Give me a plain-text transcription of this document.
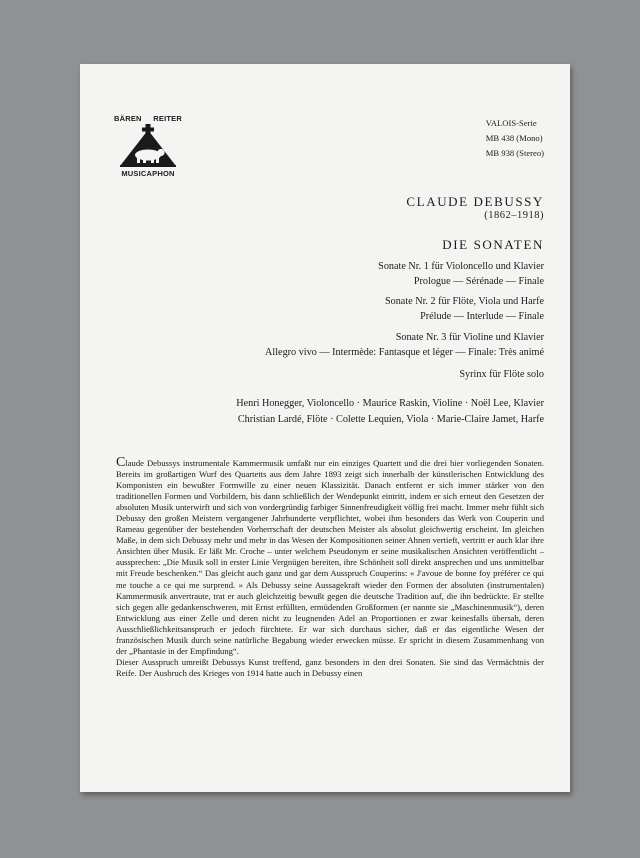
BÄREN REITER
MUSICAPHON
VALOIS-Serie
MB 438 (Mono)
MB 938 (Stereo)
CLAUDE DEBUSSY
(1862–1918)
DIE SONATEN
Sonate Nr. 1 für Violoncello und Klavier
Prologue — Sérénade — Finale
Sonate Nr. 2 für Flöte, Viola und Harfe
Prélude — Interlude — Finale
Sonate Nr. 3 für Violine und Klavier
Allegro vivo — Intermède: Fantasque et léger — Finale: Très animé
Syrinx für Flöte solo
Henri Honegger, Violoncello · Maurice Raskin, Violine · Noël Lee, Klavier
Christian Lardé, Flöte · Colette Lequien, Viola · Marie-Claire Jamet, Harfe

Claude Debussys instrumentale Kammermusik umfaßt nur ein einziges Quartett und die drei hier vorliegenden Sonaten. Bereits im großartigen Wurf des Quartetts aus dem Jahre 1893 zeigt sich innerhalb der künstlerischen Entwicklung des Komponisten ein bewußter Formwille zu einer neuen Klassizität. Danach entfernt er sich immer stärker von den traditionellen Formen und Vorbildern, bis dann schließlich der Wendepunkt eintritt, indem er sich erneut den Gesetzen der absoluten Musik unterwirft und sich von vordergründig farbiger Sinnenfreudigkeit völlig frei macht. Immer mehr fühlt sich Debussy den großen Meistern vergangener Jahrhunderte verpflichtet, wobei ihm besonders das Werk von Couperin und Rameau gegenüber der bestehenden Vorherrschaft der deutschen Meister als absolut gleichwertig erscheint. Im gleichen Maße, in dem sich Debussy mehr und mehr in das Wesen der Kompositionen seiner Ahnen vertieft, vertritt er auch klar ihre Ansichten über Musik. Er läßt Mr. Croche – unter welchem Pseudonym er seine musikalischen Ansichten veröffentlicht – aussprechen: „Die Musik soll in erster Linie Vergnügen bereiten, ihre Schönheit soll direkt ansprechen und uns unmittelbar mit Freude beschenken.“ Das gleicht auch ganz und gar dem Ausspruch Couperins: « J'avoue de bonne foy préférer ce qui me touche a ce qui me surprend. » Als Debussy seine Aussagekraft wieder den Formen der absoluten (instrumentalen) Kammermusik anvertraute, trat er auch gleichzeitig bewußt gegen die deutsche Tradition auf, die ihn bedrückte. Er stellte sich gegen alle gedankenschweren, mit Ernst erfüllten, ermüdenden Großformen (er nannte sie „Maschinenmusik“), deren Entwicklung aus einer Zelle und deren nicht zu leugnenden Adel an Proportionen er zwar keinesfalls übersah, deren Ausschließlichkeitsanspruch er jedoch fürchtete. Er war sich durchaus sicher, daß er das eigentliche Wesen der französischen Musik durch seine natürliche Begabung wieder erwecken müsse. Er spricht in diesem Zusammenhang von der „Phantasie in der Empfindung“.

Dieser Ausspruch umreißt Debussys Kunst treffend, ganz besonders in den drei Sonaten. Sie sind das Vermächtnis der Reife. Der Ausbruch des Krieges von 1914 hatte auch in Debussy einen
